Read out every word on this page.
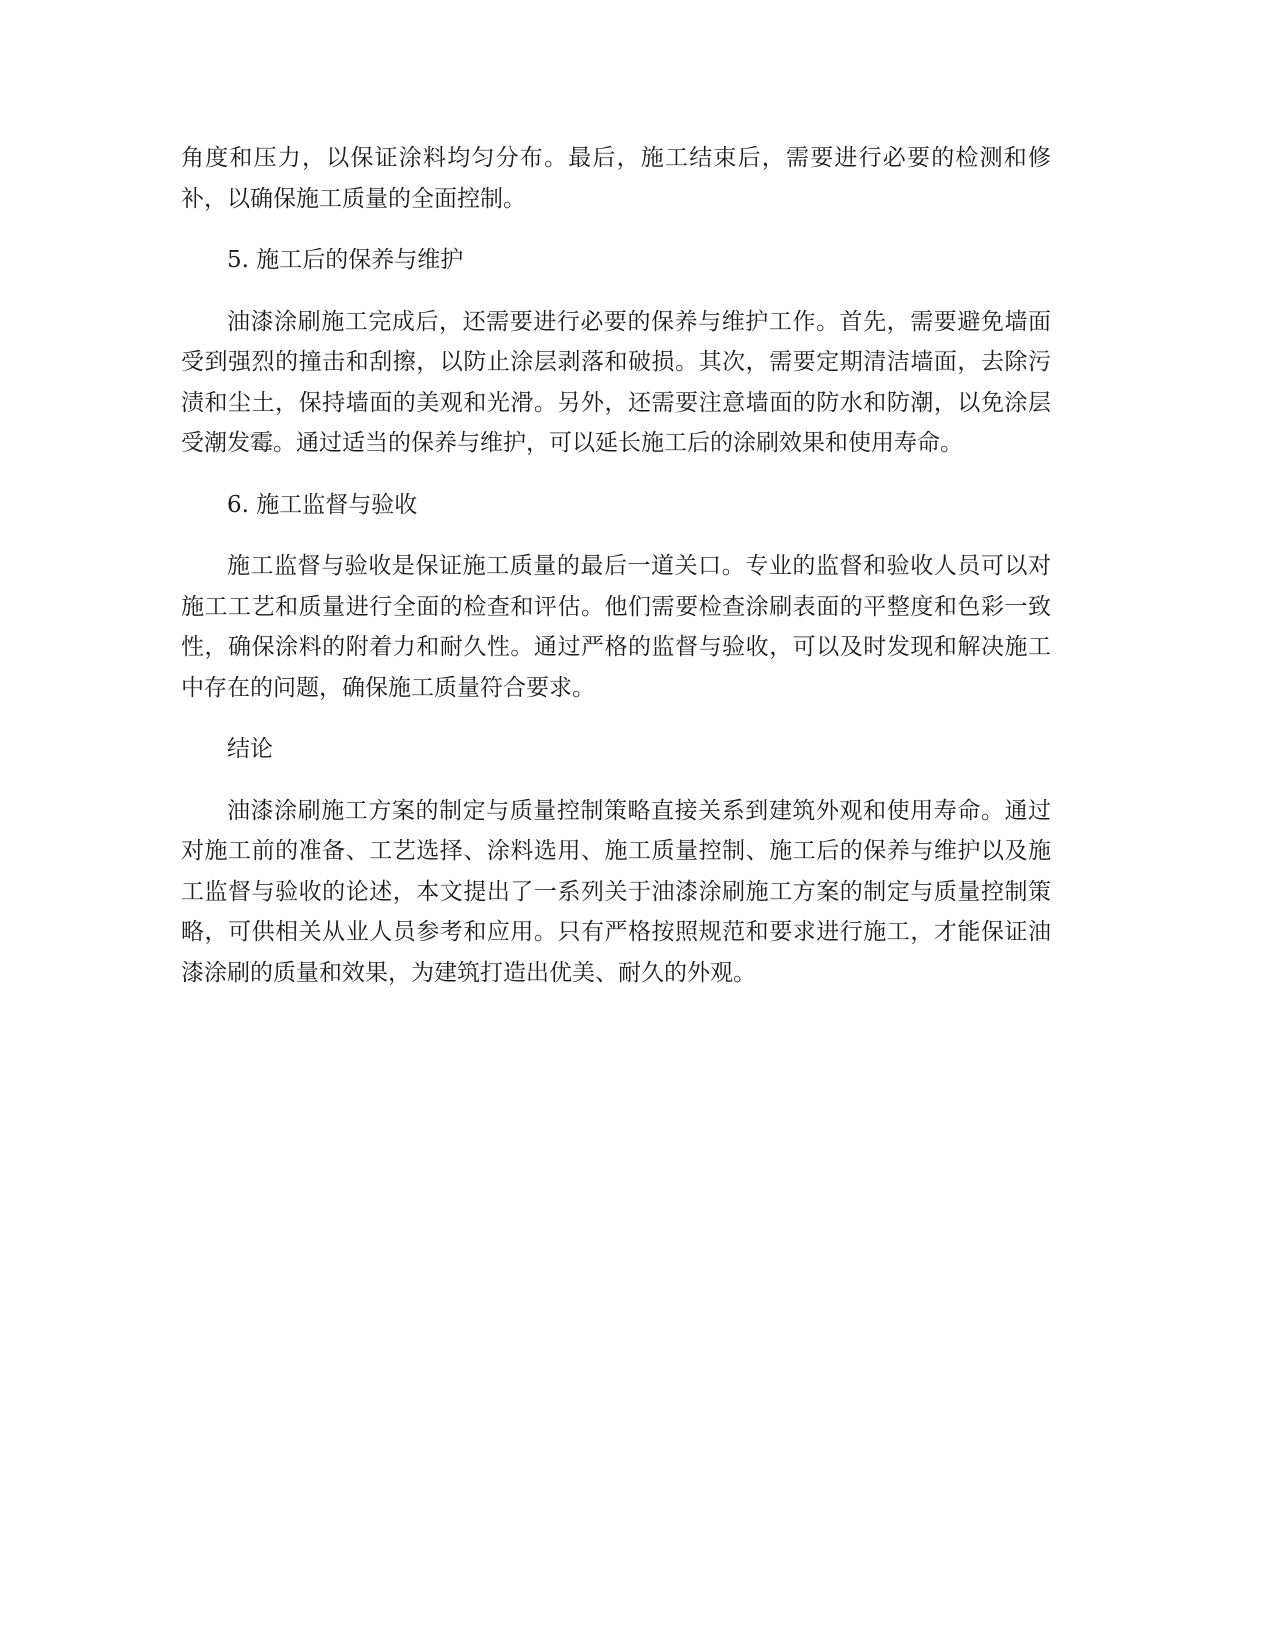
角度和压力，以保证涂料均匀分布。最后，施工结束后，需要进行必要的检测和修补，以确保施工质量的全面控制。

5. 施工后的保养与维护

油漆涂刷施工完成后，还需要进行必要的保养与维护工作。首先，需要避免墙面受到强烈的撞击和刮擦，以防止涂层剥落和破损。其次，需要定期清洁墙面，去除污渍和尘土，保持墙面的美观和光滑。另外，还需要注意墙面的防水和防潮，以免涂层受潮发霉。通过适当的保养与维护，可以延长施工后的涂刷效果和使用寿命。

6. 施工监督与验收

施工监督与验收是保证施工质量的最后一道关口。专业的监督和验收人员可以对施工工艺和质量进行全面的检查和评估。他们需要检查涂刷表面的平整度和色彩一致性，确保涂料的附着力和耐久性。通过严格的监督与验收，可以及时发现和解决施工中存在的问题，确保施工质量符合要求。

结论

油漆涂刷施工方案的制定与质量控制策略直接关系到建筑外观和使用寿命。通过对施工前的准备、工艺选择、涂料选用、施工质量控制、施工后的保养与维护以及施工监督与验收的论述，本文提出了一系列关于油漆涂刷施工方案的制定与质量控制策略，可供相关从业人员参考和应用。只有严格按照规范和要求进行施工，才能保证油漆涂刷的质量和效果，为建筑打造出优美、耐久的外观。
